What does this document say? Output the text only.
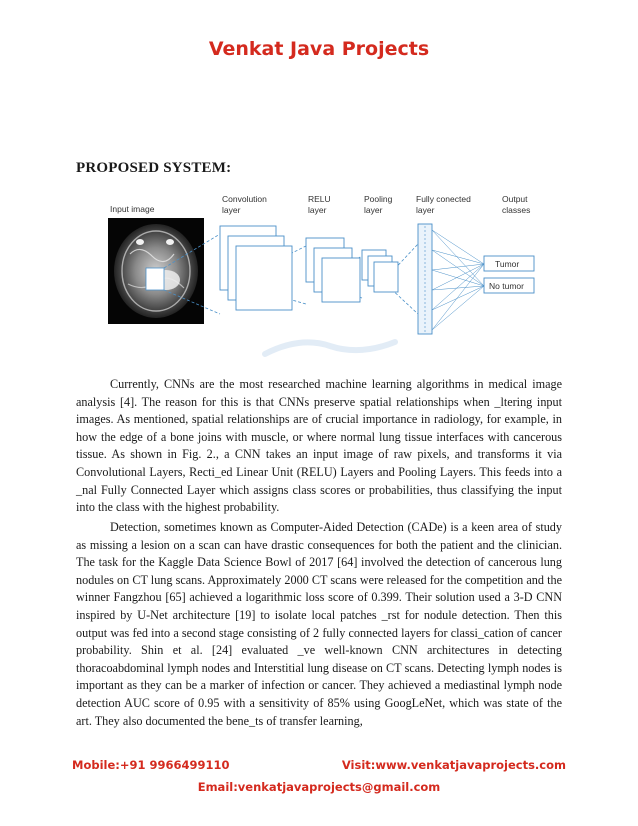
Venkat Java Projects
PROPOSED SYSTEM:
Input image
Convolution
layer
RELU
layer
Pooling
layer
Fully conected
layer
Output
classes
Tumor
No tumor

Currently, CNNs are the most researched machine learning algorithms in medical image analysis [4]. The reason for this is that CNNs preserve spatial relationships when _ltering input images. As mentioned, spatial relationships are of crucial importance in radiology, for example, in how the edge of a bone joins with muscle, or where normal lung tissue interfaces with cancerous tissue. As shown in Fig. 2., a CNN takes an input image of raw pixels, and transforms it via Convolutional Layers, Recti_ed Linear Unit (RELU) Layers and Pooling Layers. This feeds into a _nal Fully Connected Layer which assigns class scores or probabilities, thus classifying the input into the class with the highest probability.

Detection, sometimes known as Computer-Aided Detection (CADe) is a keen area of study as missing a lesion on a scan can have drastic consequences for both the patient and the clinician. The task for the Kaggle Data Science Bowl of 2017 [64] involved the detection of cancerous lung nodules on CT lung scans. Approximately 2000 CT scans were released for the competition and the winner Fangzhou [65] achieved a logarithmic loss score of 0.399. Their solution used a 3-D CNN inspired by U-Net architecture [19] to isolate local patches _rst for nodule detection. Then this output was fed into a second stage consisting of 2 fully connected layers for classi_cation of cancer probability. Shin et al. [24] evaluated _ve well-known CNN architectures in detecting thoracoabdominal lymph nodes and Interstitial lung disease on CT scans. Detecting lymph nodes is important as they can be a marker of infection or cancer. They achieved a mediastinal lymph node detection AUC score of 0.95 with a sensitivity of 85% using GoogLeNet, which was state of the art. They also documented the bene_ts of transfer learning,

Mobile:+91 9966499110	Visit:www.venkatjavaprojects.com
Email:venkatjavaprojects@gmail.com
